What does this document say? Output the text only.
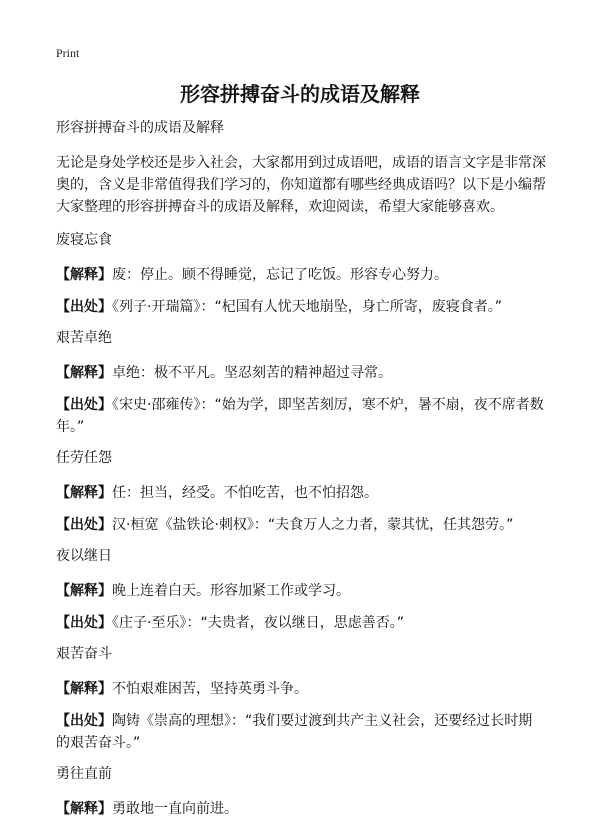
Print
形容拼搏奋斗的成语及解释
形容拼搏奋斗的成语及解释
无论是身处学校还是步入社会，大家都用到过成语吧，成语的语言文字是非常深奥的，含义是非常值得我们学习的，你知道都有哪些经典成语吗？以下是小编帮大家整理的形容拼搏奋斗的成语及解释，欢迎阅读，希望大家能够喜欢。
废寝忘食
【解释】废：停止。顾不得睡觉，忘记了吃饭。形容专心努力。
【出处】《列子·开瑞篇》：“杞国有人忧天地崩坠，身亡所寄，废寝食者。”
艰苦卓绝
【解释】卓绝：极不平凡。坚忍刻苦的精神超过寻常。
【出处】《宋史·邵雍传》：“始为学，即坚苦刻厉，寒不炉，暑不扇，夜不席者数年。”
任劳任怨
【解释】任：担当，经受。不怕吃苦，也不怕招怨。
【出处】汉·桓宽《盐铁论·刺权》：“夫食万人之力者，蒙其忧，任其怨劳。”
夜以继日
【解释】晚上连着白天。形容加紧工作或学习。
【出处】《庄子·至乐》：“夫贵者，夜以继日，思虑善否。”
艰苦奋斗
【解释】不怕艰难困苦，坚持英勇斗争。
【出处】陶铸《崇高的理想》：“我们要过渡到共产主义社会，还要经过长时期的艰苦奋斗。”
勇往直前
【解释】勇敢地一直向前进。
